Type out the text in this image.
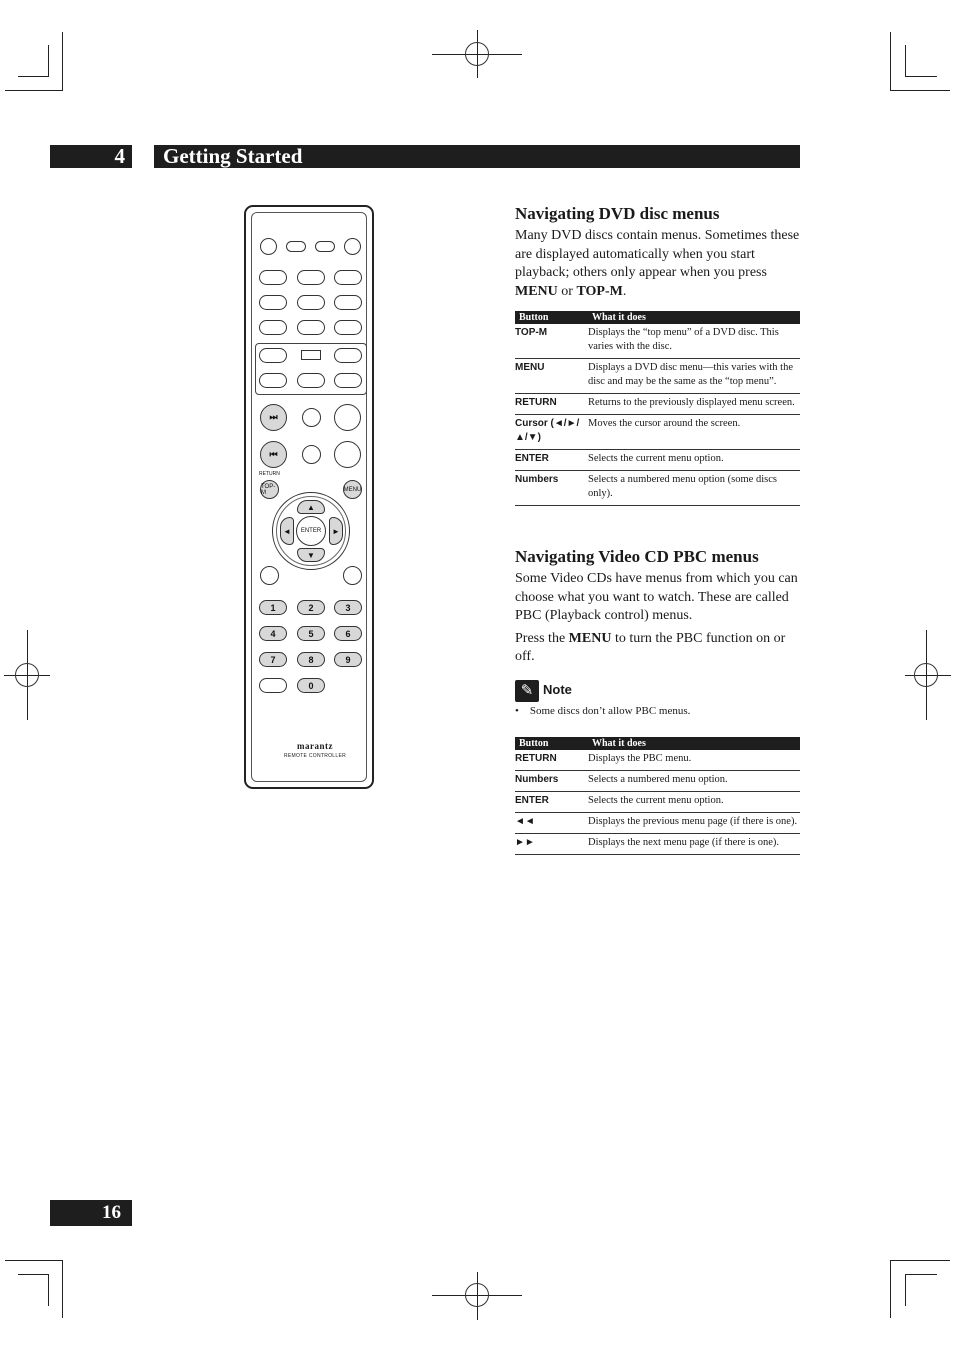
4	Getting Started
⏭
⏮
RETURN
TOP-M	MENU
▲
▼
◄	►
ENTER
1	2	3
4	5	6
7	8	9
0
marantz
REMOTE CONTROLLER
Navigating DVD disc menus

Many DVD discs contain menus. Sometimes these are displayed automatically when you start playback; others only appear when you press MENU or TOP-M.

Button	What it does
TOP-M	Displays the “top menu” of a DVD disc. This varies with the disc.
MENU	Displays a DVD disc menu—this varies with the disc and may be the same as the “top menu”.
RETURN	Returns to the previously displayed menu screen.
Cursor (◄/►/▲/▼)	Moves the cursor around the screen.
ENTER	Selects the current menu option.
Numbers	Selects a numbered menu option (some discs only).
Navigating Video CD PBC menus

Some Video CDs have menus from which you can choose what you want to watch. These are called PBC (Playback control) menus.

Press the MENU to turn the PBC function on or off.

✎ Note
•    Some discs don’t allow PBC menus.
Button	What it does
RETURN	Displays the PBC menu.
Numbers	Selects a numbered menu option.
ENTER	Selects the current menu option.
◄◄	Displays the previous menu page (if there is one).
►►	Displays the next menu page (if there is one).
16
